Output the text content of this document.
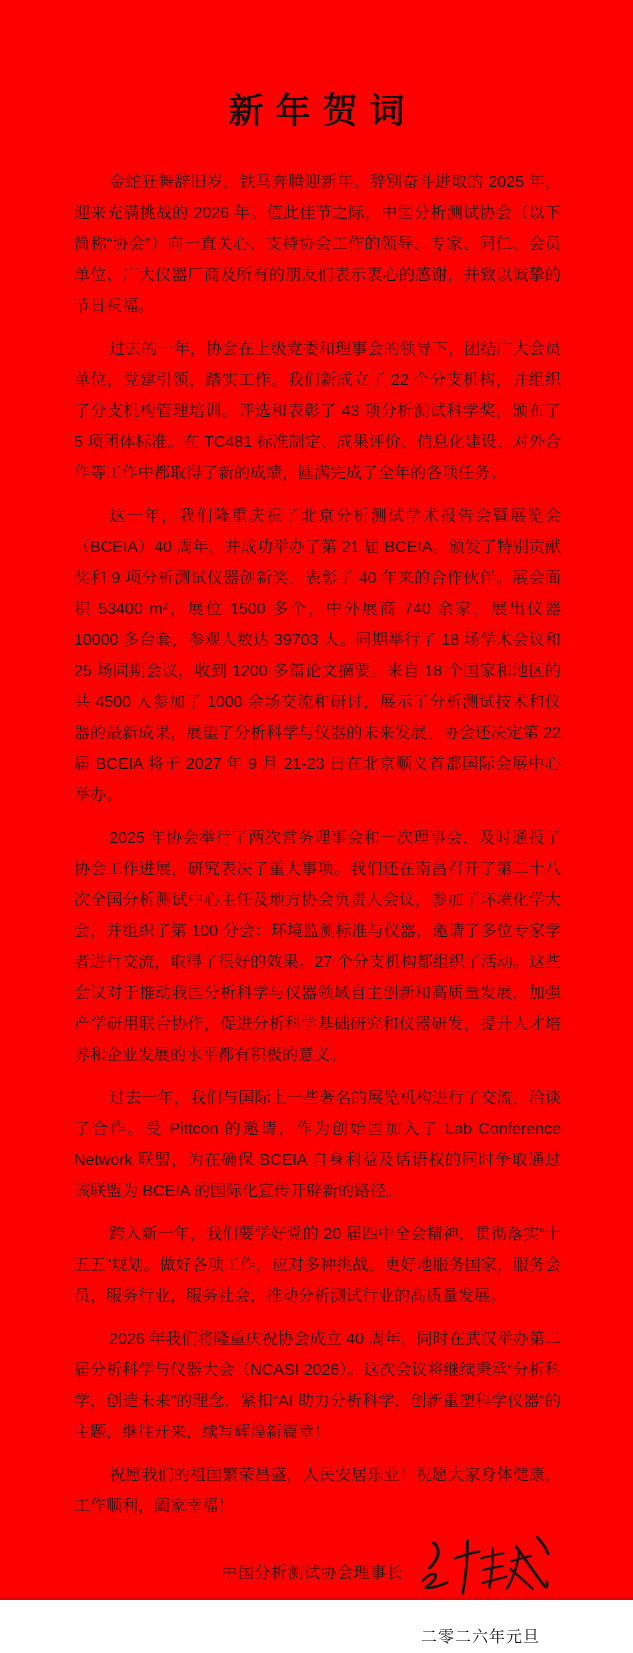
新年贺词

金蛇狂舞辞旧岁，铁马奔腾迎新年。辞别奋斗进取的 2025 年，迎来充满挑战的 2026 年。值此佳节之际，中国分析测试协会（以下简称“协会”）向一直关心、支持协会工作的领导、专家、同仁、会员单位、广大仪器厂商及所有的朋友们表示衷心的感谢，并致以诚挚的节日祝福。

过去的一年，协会在上级党委和理事会的领导下，团结广大会员单位，党建引领，踏实工作。我们新成立了 22 个分支机构，并组织了分支机构管理培训。评选和表彰了 43 项分析测试科学奖，颁布了 5 项团体标准。在 TC481 标准制定、成果评价、信息化建设、对外合作等工作中都取得了新的成绩，圆满完成了全年的各项任务。

这一年，我们隆重庆祝了北京分析测试学术报告会暨展览会（BCEIA）40 周年，并成功举办了第 21 届 BCEIA。颁发了特别贡献奖和 9 项分析测试仪器创新奖，表彰了 40 年来的合作伙伴。展会面积 53400 m²，展位 1500 多个，中外展商 740 余家，展出仪器 10000 多台套，参观人数达 39703 人。同期举行了 18 场学术会议和 25 场同期会议，收到 1200 多篇论文摘要。来自 18 个国家和地区的共 4500 人参加了 1000 余场交流和研讨，展示了分析测试技术和仪器的最新成果，展望了分析科学与仪器的未来发展。协会还决定第 22 届 BCEIA 将于 2027 年 9 月 21-23 日在北京顺义首都国际会展中心举办。

2025 年协会举行了两次常务理事会和一次理事会，及时通报了协会工作进展，研究表决了重大事项。我们还在南昌召开了第二十八次全国分析测试中心主任及地方协会负责人会议，参加了环境化学大会，并组织了第 100 分会：环境监测标准与仪器，邀请了多位专家学者进行交流，取得了很好的效果。27 个分支机构都组织了活动。这些会议对于推动我国分析科学与仪器领域自主创新和高质量发展，加强产学研用联合协作，促进分析科学基础研究和仪器研发，提升人才培养和企业发展的水平都有积极的意义。

过去一年，我们与国际上一些著名的展览机构进行了交流，洽谈了合作。受 Pittcon 的邀请，作为创始国加入了 Lab Conference Network 联盟，为在确保 BCEIA 自身利益及话语权的同时争取通过该联盟为 BCEIA 的国际化宣传开辟新的路径。

跨入新一年，我们要学好党的 20 届四中全会精神，贯彻落实“十五五”规划。做好各项工作，应对多种挑战。更好地服务国家，服务会员，服务行业，服务社会，推动分析测试行业的高质量发展。

2026 年我们将隆重庆祝协会成立 40 周年，同时在武汉举办第二届分析科学与仪器大会（NCASI 2026）。这次会议将继续秉承“分析科学，创造未来”的理念，紧扣“AI 助力分析科学，创新重塑科学仪器”的主题，继往开来，续写辉煌新篇章！

祝愿我们的祖国繁荣昌盛，人民安居乐业！祝愿大家身体健康，工作顺利，阖家幸福！

中国分析测试协会理事长
二零二六年元旦
